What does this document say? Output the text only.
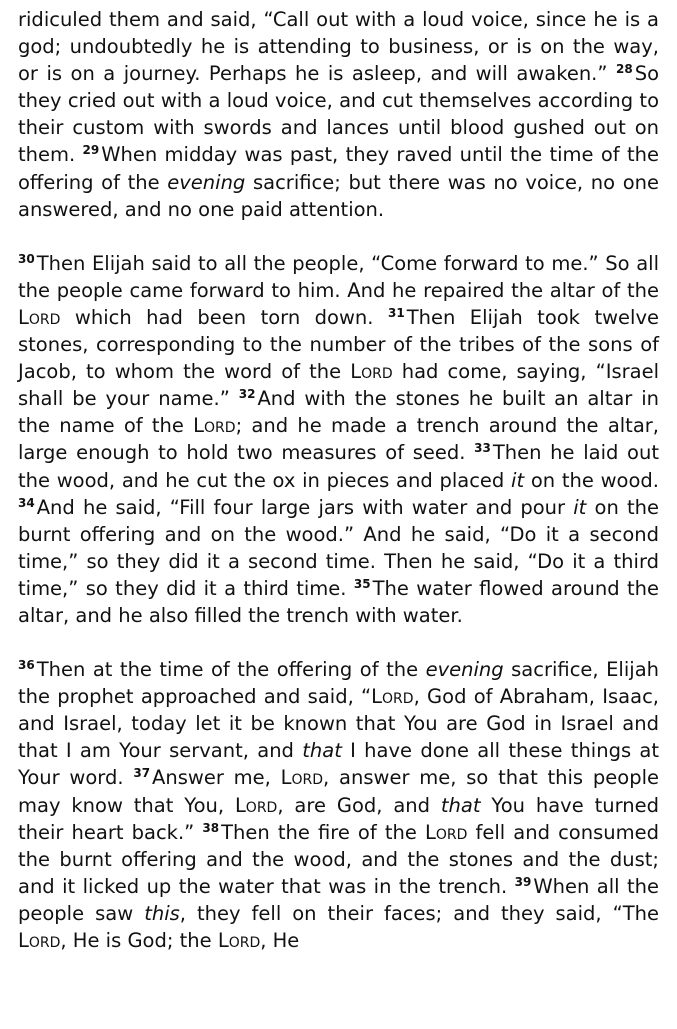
ridiculed them and said, “Call out with a loud voice, since he is a god; undoubtedly he is attending to business, or is on the way, or is on a journey. Perhaps he is asleep, and will awaken.” $^{28}$ So they cried out with a loud voice, and cut themselves according to their custom with swords and lances until blood gushed out on them. $^{29}$ When midday was past, they raved until the time of the offering of the evening sacrifice; but there was no voice, no one answered, and no one paid attention.

$^{30}$ Then Elijah said to all the people, “Come forward to me.” So all the people came forward to him. And he repaired the altar of the Lord which had been torn down. $^{31}$ Then Elijah took twelve stones, corresponding to the number of the tribes of the sons of Jacob, to whom the word of the Lord had come, saying, “Israel shall be your name.” $^{32}$ And with the stones he built an altar in the name of the Lord; and he made a trench around the altar, large enough to hold two measures of seed. $^{33}$ Then he laid out the wood, and he cut the ox in pieces and placed it on the wood. $^{34}$ And he said, “Fill four large jars with water and pour it on the burnt offering and on the wood.” And he said, “Do it a second time,” so they did it a second time. Then he said, “Do it a third time,” so they did it a third time. $^{35}$ The water flowed around the altar, and he also filled the trench with water.

$^{36}$ Then at the time of the offering of the evening sacrifice, Elijah the prophet approached and said, “Lord, God of Abraham, Isaac, and Israel, today let it be known that You are God in Israel and that I am Your servant, and that I have done all these things at Your word. $^{37}$ Answer me, Lord, answer me, so that this people may know that You, Lord, are God, and that You have turned their heart back.” $^{38}$ Then the fire of the Lord fell and consumed the burnt offering and the wood, and the stones and the dust; and it licked up the water that was in the trench. $^{39}$ When all the people saw this, they fell on their faces; and they said, “The Lord, He is God; the Lord, He
